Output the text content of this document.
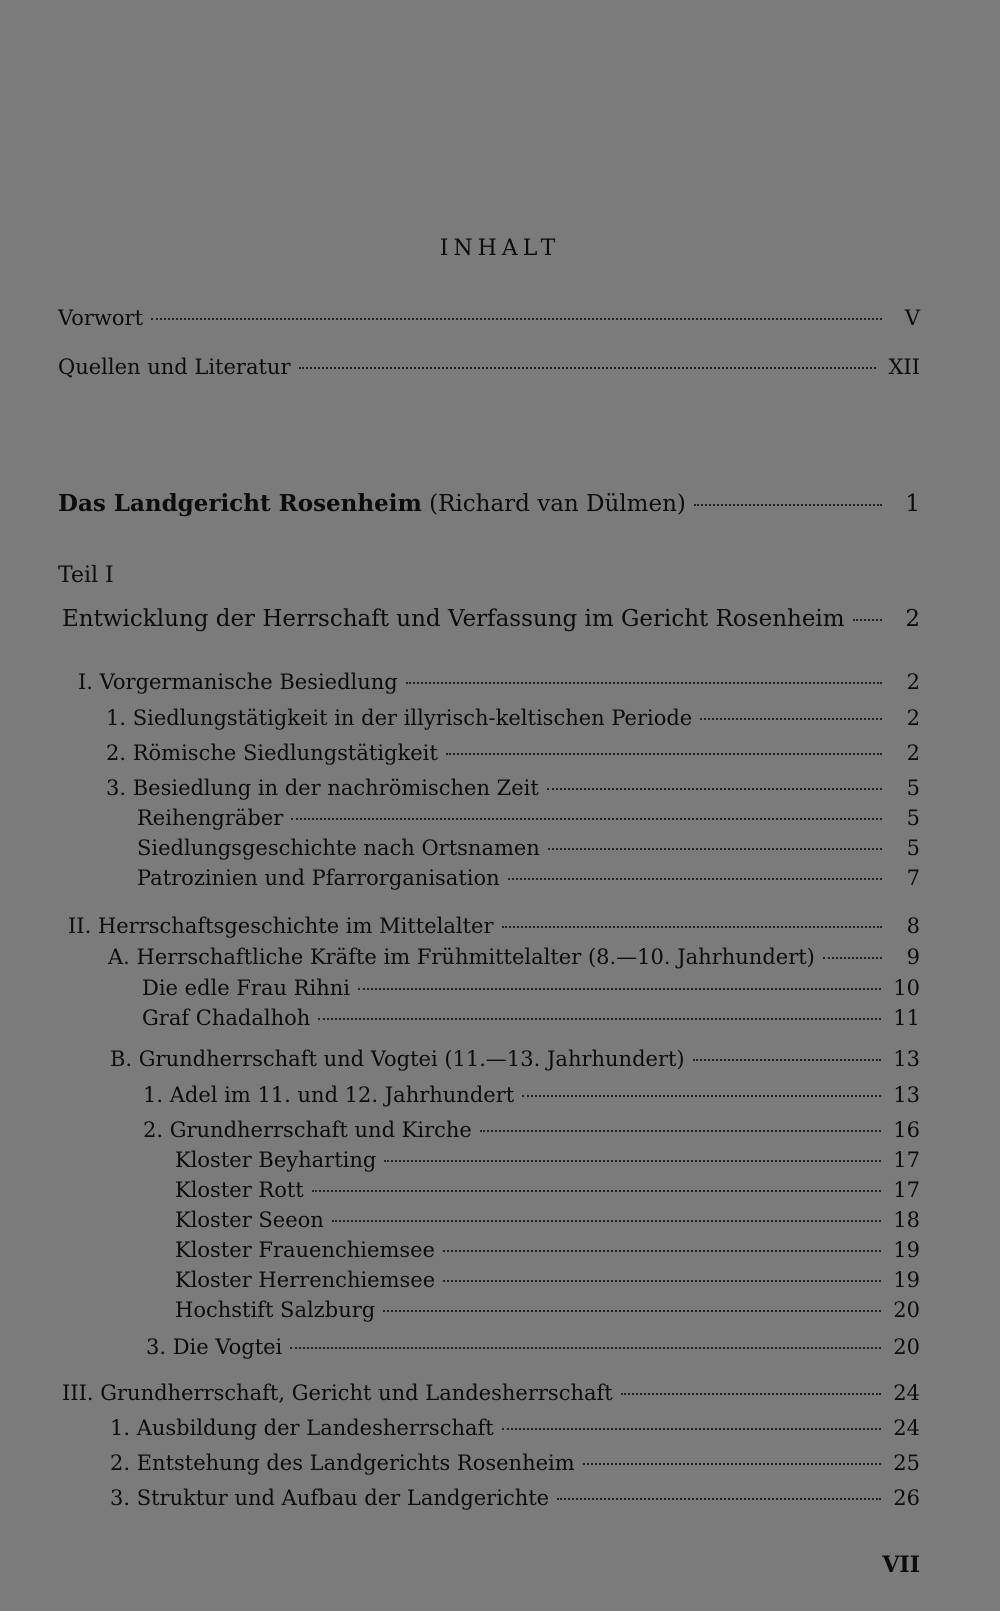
INHALT
Vorwort	V
Quellen und Literatur	XII
Das Landgericht Rosenheim (Richard van Dülmen)	1
Teil I
Entwicklung der Herrschaft und Verfassung im Gericht Rosenheim	2
I. Vorgermanische Besiedlung	2
1. Siedlungstätigkeit in der illyrisch-keltischen Periode	2
2. Römische Siedlungstätigkeit	2
3. Besiedlung in der nachrömischen Zeit	5
Reihengräber	5
Siedlungsgeschichte nach Ortsnamen	5
Patrozinien und Pfarrorganisation	7
II. Herrschaftsgeschichte im Mittelalter	8
A. Herrschaftliche Kräfte im Frühmittelalter (8.—10. Jahrhundert)	9
Die edle Frau Rihni	10
Graf Chadalhoh	11
B. Grundherrschaft und Vogtei (11.—13. Jahrhundert)	13
1. Adel im 11. und 12. Jahrhundert	13
2. Grundherrschaft und Kirche	16
Kloster Beyharting	17
Kloster Rott	17
Kloster Seeon	18
Kloster Frauenchiemsee	19
Kloster Herrenchiemsee	19
Hochstift Salzburg	20
3. Die Vogtei	20
III. Grundherrschaft, Gericht und Landesherrschaft	24
1. Ausbildung der Landesherrschaft	24
2. Entstehung des Landgerichts Rosenheim	25
3. Struktur und Aufbau der Landgerichte	26
VII
